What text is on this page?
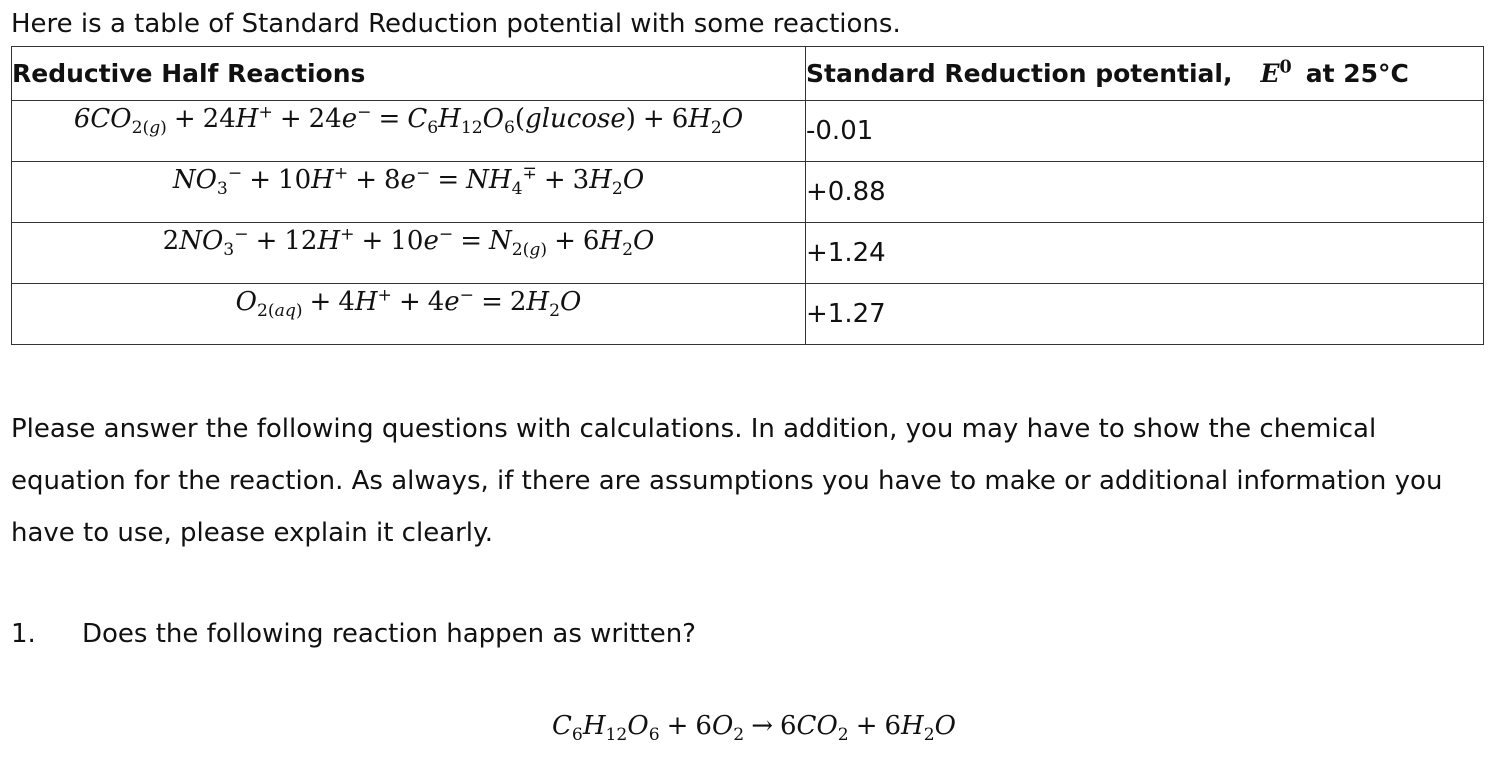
Here is a table of Standard Reduction potential with some reactions.
Reductive Half Reactions	Standard Reduction potential, $E^0$ at 25°C
$6CO_{2(g)} + 24H^+ + 24e^- = C_6H_{12}O_6(glucose) + 6H_2O$	-0.01
$NO_3^- + 10H^+ + 8e^- = NH_4^\mp + 3H_2O$	+0.88
$2NO_3^- + 12H^+ + 10e^- = N_{2(g)} + 6H_2O$	+1.24
$O_{2(aq)} + 4H^+ + 4e^- = 2H_2O$	+1.27

Please answer the following questions with calculations. In addition, you may have to show the chemical equation for the reaction. As always, if there are assumptions you have to make or additional information you have to use, please explain it clearly.

1. Does the following reaction happen as written?
$C_6H_{12}O_6 + 6O_2 \to 6CO_2 + 6H_2O$
